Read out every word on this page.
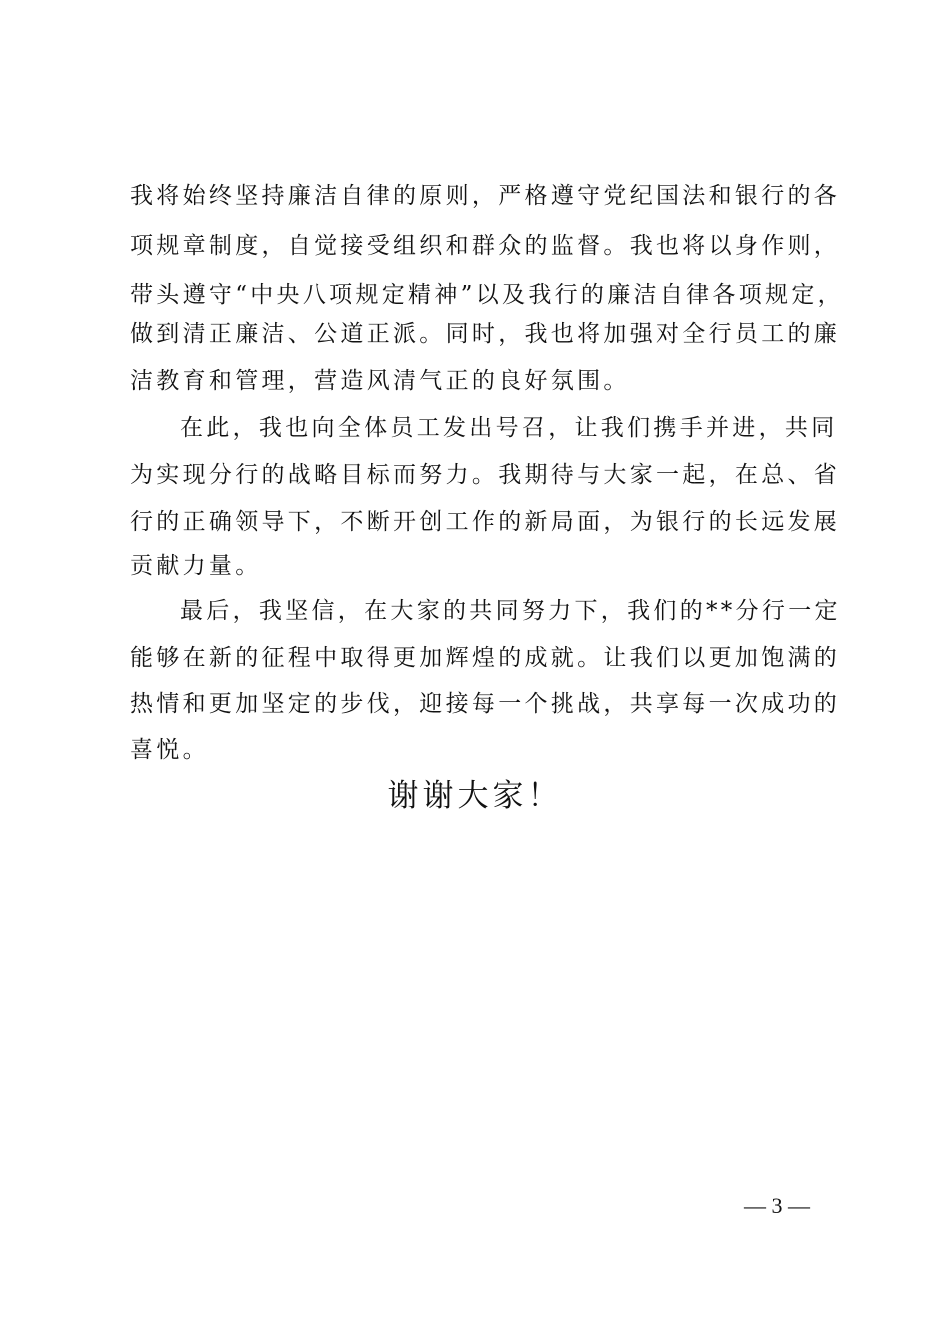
我将始终坚持廉洁自律的原则，严格遵守党纪国法和银行的各
项规章制度，自觉接受组织和群众的监督。我也将以身作则，
带头遵守“中央八项规定精神”以及我行的廉洁自律各项规定，
做到清正廉洁、公道正派。同时，我也将加强对全行员工的廉
洁教育和管理，营造风清气正的良好氛围。
在此，我也向全体员工发出号召，让我们携手并进，共同
为实现分行的战略目标而努力。我期待与大家一起，在总、省
行的正确领导下，不断开创工作的新局面，为银行的长远发展
贡献力量。
最后，我坚信，在大家的共同努力下，我们的**分行一定
能够在新的征程中取得更加辉煌的成就。让我们以更加饱满的
热情和更加坚定的步伐，迎接每一个挑战，共享每一次成功的
喜悦。
谢谢大家！
— 3 —
